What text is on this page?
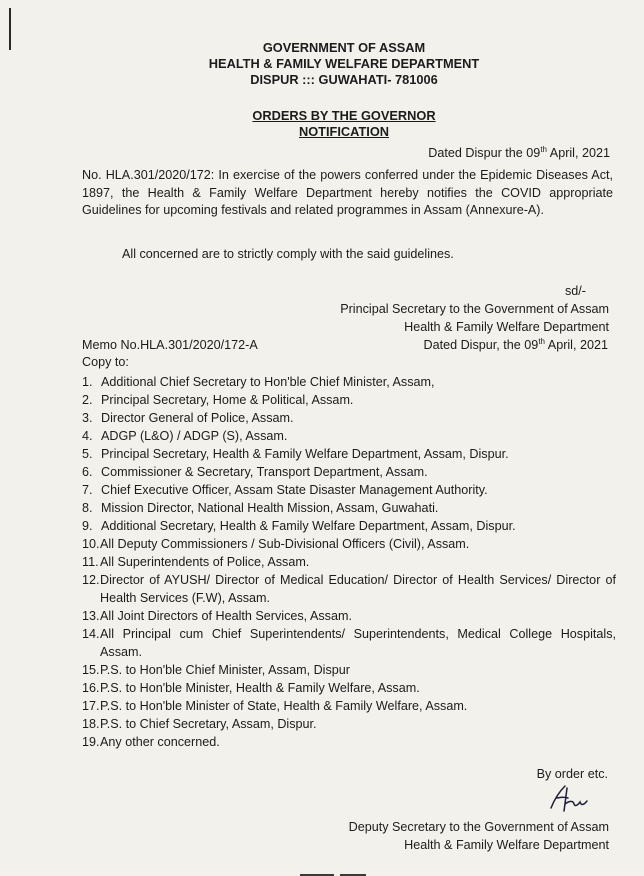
GOVERNMENT OF ASSAM
HEALTH & FAMILY WELFARE DEPARTMENT
DISPUR ::: GUWAHATI- 781006
ORDERS BY THE GOVERNOR
NOTIFICATION
Dated Dispur the 09th April, 2021
No. HLA.301/2020/172: In exercise of the powers conferred under the Epidemic Diseases Act, 1897, the Health & Family Welfare Department hereby notifies the COVID appropriate Guidelines for upcoming festivals and related programmes in Assam (Annexure-A).
All concerned are to strictly comply with the said guidelines.
sd/-
Principal Secretary to the Government of Assam
Health & Family Welfare Department
Memo No.HLA.301/2020/172-A	Dated Dispur, the 09th April, 2021
Copy to:
1. Additional Chief Secretary to Hon'ble Chief Minister, Assam,
2. Principal Secretary, Home & Political, Assam.
3. Director General of Police, Assam.
4. ADGP (L&O) / ADGP (S), Assam.
5. Principal Secretary, Health & Family Welfare Department, Assam, Dispur.
6. Commissioner & Secretary, Transport Department, Assam.
7. Chief Executive Officer, Assam State Disaster Management Authority.
8. Mission Director, National Health Mission, Assam, Guwahati.
9. Additional Secretary, Health & Family Welfare Department, Assam, Dispur.
10. All Deputy Commissioners / Sub-Divisional Officers (Civil), Assam.
11. All Superintendents of Police, Assam.
12. Director of AYUSH/ Director of Medical Education/ Director of Health Services/ Director of Health Services (F.W), Assam.
13. All Joint Directors of Health Services, Assam.
14. All Principal cum Chief Superintendents/ Superintendents, Medical College Hospitals, Assam.
15. P.S. to Hon'ble Chief Minister, Assam, Dispur
16. P.S. to Hon'ble Minister, Health & Family Welfare, Assam.
17. P.S. to Hon'ble Minister of State, Health & Family Welfare, Assam.
18. P.S. to Chief Secretary, Assam, Dispur.
19. Any other concerned.
By order etc.
Deputy Secretary to the Government of Assam
Health & Family Welfare Department
